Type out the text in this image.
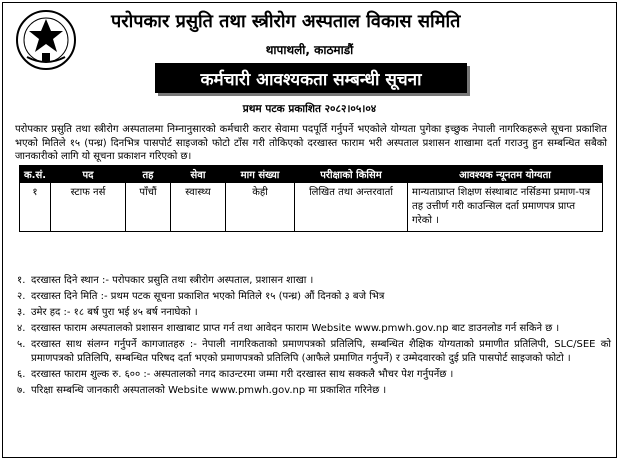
परोपकार प्रसुति तथा स्त्रीरोग अस्पताल विकास समिति
थापाथली, काठमाडौं
कर्मचारी आवश्यकता सम्बन्धी सूचना
प्रथम पटक प्रकाशित २०८२।०५।०४
परोपकार प्रसुति तथा स्त्रीरोग अस्पतालमा निम्नानुसारको कर्मचारी करार सेवामा पदपूर्ति गर्नुपर्ने भएकोले योग्यता पुगेका इच्छुक नेपाली नागरिकहरूले सूचना प्रकाशित भएको मितिले १५ (पन्ध्र) दिनभित्र पासपोर्ट साइजको फोटो टाँस गरी तोकिएको दरखास्त फाराम भरी अस्पताल प्रशासन शाखामा दर्ता गराउनु हुन सम्बन्धित सबैको जानकारीको लागि यो सूचना प्रकाशन गरिएको छ।
क.सं.	पद	तह	सेवा	माग संख्या	परीक्षाको किसिम	आवश्यक न्यूनतम योग्यता
१	स्टाफ नर्स	पाँचौं	स्वास्थ्य	केही	लिखित तथा अन्तरवार्ता	मान्यताप्राप्त शिक्षण संस्थाबाट नर्सिङमा प्रमाण-पत्र तह उत्तीर्ण गरी काउन्सिल दर्ता प्रमाणपत्र प्राप्त गरेको ।
१. दरखास्त दिने स्थान :- परोपकार प्रसुति तथा स्त्रीरोग अस्पताल, प्रशासन शाखा ।
२. दरखास्त दिने मिति :- प्रथम पटक सूचना प्रकाशित भएको मितिले १५ (पन्ध्र) औं दिनको ३ बजे भित्र
३. उमेर हद :- १८ बर्ष पुरा भई ४५ बर्ष ननाघेको ।
४. दरखास्त फाराम अस्पतालको प्रशासन शाखाबाट प्राप्त गर्न तथा आवेदन फाराम Website www.pmwh.gov.np बाट डाउनलोड गर्न सकिने छ ।
५. दरखास्त साथ संलग्न गर्नुपर्ने कागजातहरु :- नेपाली नागरिकताको प्रमाणपत्रको प्रतिलिपि, सम्बन्धित शैक्षिक योग्यताको प्रमाणीत प्रतिलिपी, SLC/SEE को प्रमाणपत्रको प्रतिलिपि, सम्बन्धित परिषद दर्ता भएको प्रमाणपत्रको प्रतिलिपि (आफैले प्रमाणित गर्नुपर्ने) र उम्मेदवारको दुई प्रति पासपोर्ट साइजको फोटो ।
६. दरखास्त फाराम शुल्क रु. ६०० :- अस्पतालको नगद काउन्टरमा जम्मा गरी दरखास्त साथ सक्कलै भौचर पेश गर्नुपर्नेछ ।
७. परिक्षा सम्बन्धि जानकारी अस्पतालको Website www.pmwh.gov.np मा प्रकाशित गरिनेछ ।
